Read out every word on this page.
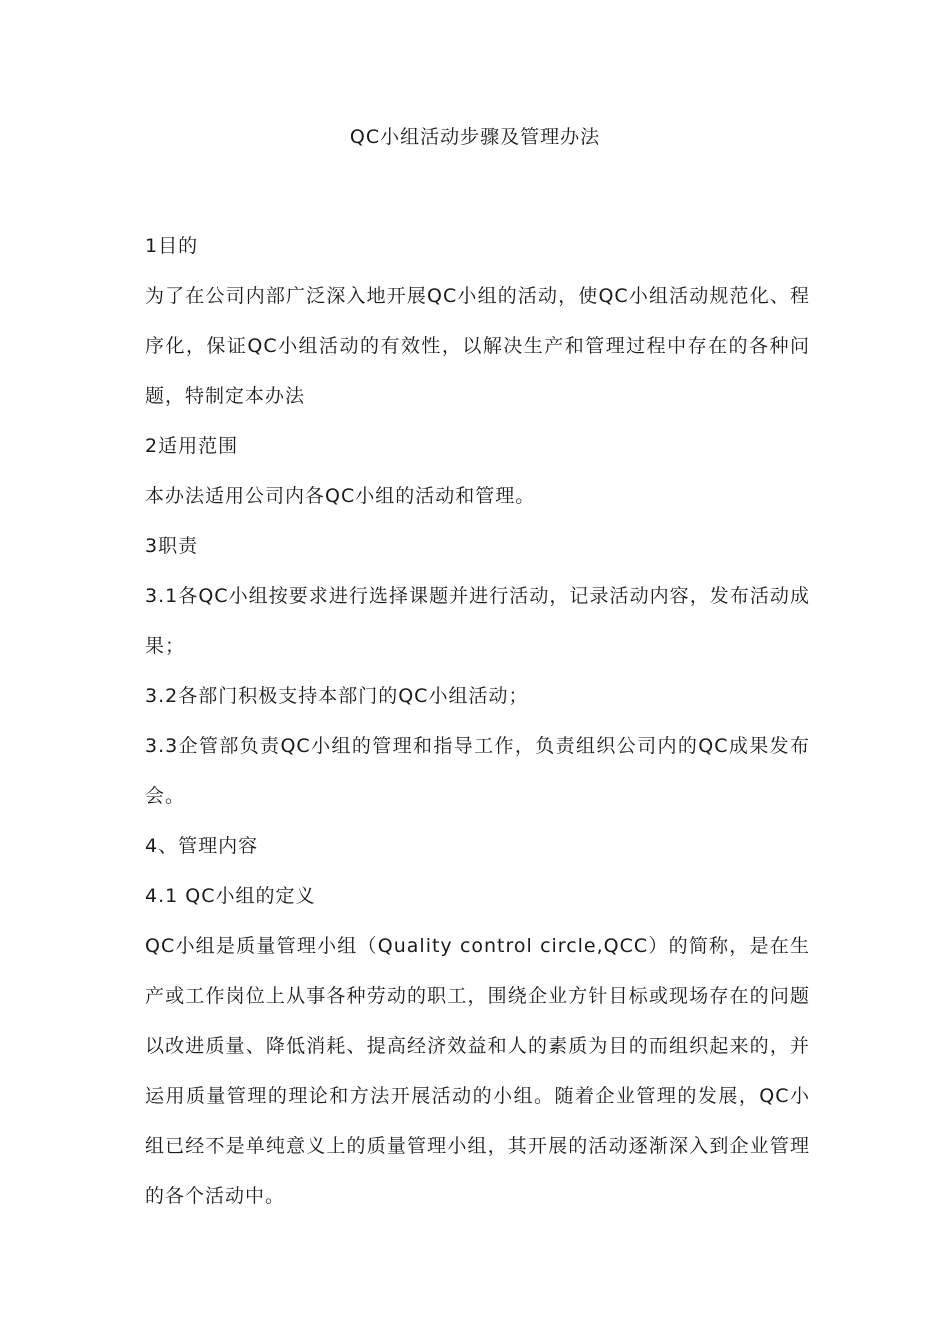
QC小组活动步骤及管理办法

1目的

为了在公司内部广泛深入地开展QC小组的活动，使QC小组活动规范化、程序化，保证QC小组活动的有效性，以解决生产和管理过程中存在的各种问题，特制定本办法

2适用范围

本办法适用公司内各QC小组的活动和管理。

3职责

3.1各QC小组按要求进行选择课题并进行活动，记录活动内容，发布活动成果；

3.2各部门积极支持本部门的QC小组活动；

3.3企管部负责QC小组的管理和指导工作，负责组织公司内的QC成果发布会。

4、管理内容

4.1 QC小组的定义

QC小组是质量管理小组（Quality control circle,QCC）的简称，是在生产或工作岗位上从事各种劳动的职工，围绕企业方针目标或现场存在的问题以改进质量、降低消耗、提高经济效益和人的素质为目的而组织起来的，并运用质量管理的理论和方法开展活动的小组。随着企业管理的发展，QC小组已经不是单纯意义上的质量管理小组，其开展的活动逐渐深入到企业管理的各个活动中。
